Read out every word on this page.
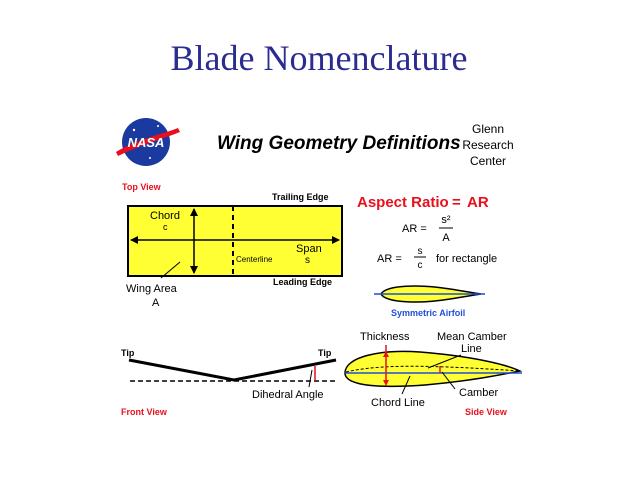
Blade Nomenclature
NASA	Wing Geometry Definitions
Glenn
Research
Center
Top View
Trailing Edge
Chord
c
Span
s
Centerline
Leading Edge
Wing Area
A
Aspect Ratio = AR
AR =
s²
A
AR =
s
c
for rectangle
Symmetric Airfoil
Tip	Tip
Dihedral Angle
Front View
Thickness Mean Camber
Line
Camber
Chord Line
Side View
